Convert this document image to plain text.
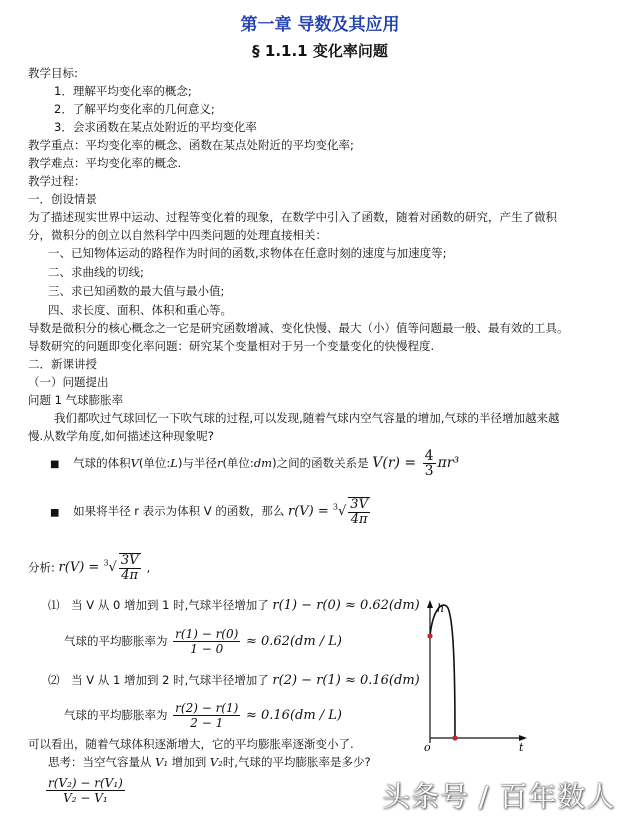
第一章 导数及其应用
§ 1.1.1 变化率问题
教学目标:
1．理解平均变化率的概念;
2．了解平均变化率的几何意义;
3．会求函数在某点处附近的平均变化率
教学重点：平均变化率的概念、函数在某点处附近的平均变化率;
教学难点：平均变化率的概念.
教学过程：
一．创设情景
为了描述现实世界中运动、过程等变化着的现象，在数学中引入了函数，随着对函数的研究，产生了微积
分，微积分的创立以自然科学中四类问题的处理直接相关：
一、已知物体运动的路程作为时间的函数,求物体在任意时刻的速度与加速度等;
二、求曲线的切线;
三、求已知函数的最大值与最小值;
四、求长度、面积、体积和重心等。
导数是微积分的核心概念之一它是研究函数增减、变化快慢、最大（小）值等问题最一般、最有效的工具。
导数研究的问题即变化率问题：研究某个变量相对于另一个变量变化的快慢程度.
二．新课讲授
（一）问题提出
问题 1 气球膨胀率
我们都吹过气球回忆一下吹气球的过程,可以发现,随着气球内空气容量的增加,气球的半径增加越来越
慢.从数学角度,如何描述这种现象呢?
■ 气球的体积V(单位:L)与半径r(单位:dm)之间的函数关系是 $V(r) = \frac{4}{3} \pi r^3$
■ 如果将半径 r 表示为体积 V 的函数，那么 $r(V) = ^3√ \frac{3V}{4\pi}$
分析: $r(V) = ^3√ \frac{3V}{4\pi}$ ,
⑴ 当 V 从 0 增加到 1 时,气球半径增加了 r(1) − r(0) ≈ 0.62(dm)
气球的平均膨胀率为 $\frac{r(1) - r(0)}{1 - 0} \approx 0.62(dm / L)$
⑵ 当 V 从 1 增加到 2 时,气球半径增加了 r(2) − r(1) ≈ 0.16(dm)
气球的平均膨胀率为 $\frac{r(2) - r(1)}{2 - 1} \approx 0.16(dm / L)$
可以看出，随着气球体积逐渐增大，它的平均膨胀率逐渐变小了.
思考：当空气容量从 V₁ 增加到 V₂时,气球的平均膨胀率是多少?
$\frac{\text{r(V₂) − r(V₁)}}{\text{V₂ − V₁}}$
h
t
o
头条号 / 百年数人
